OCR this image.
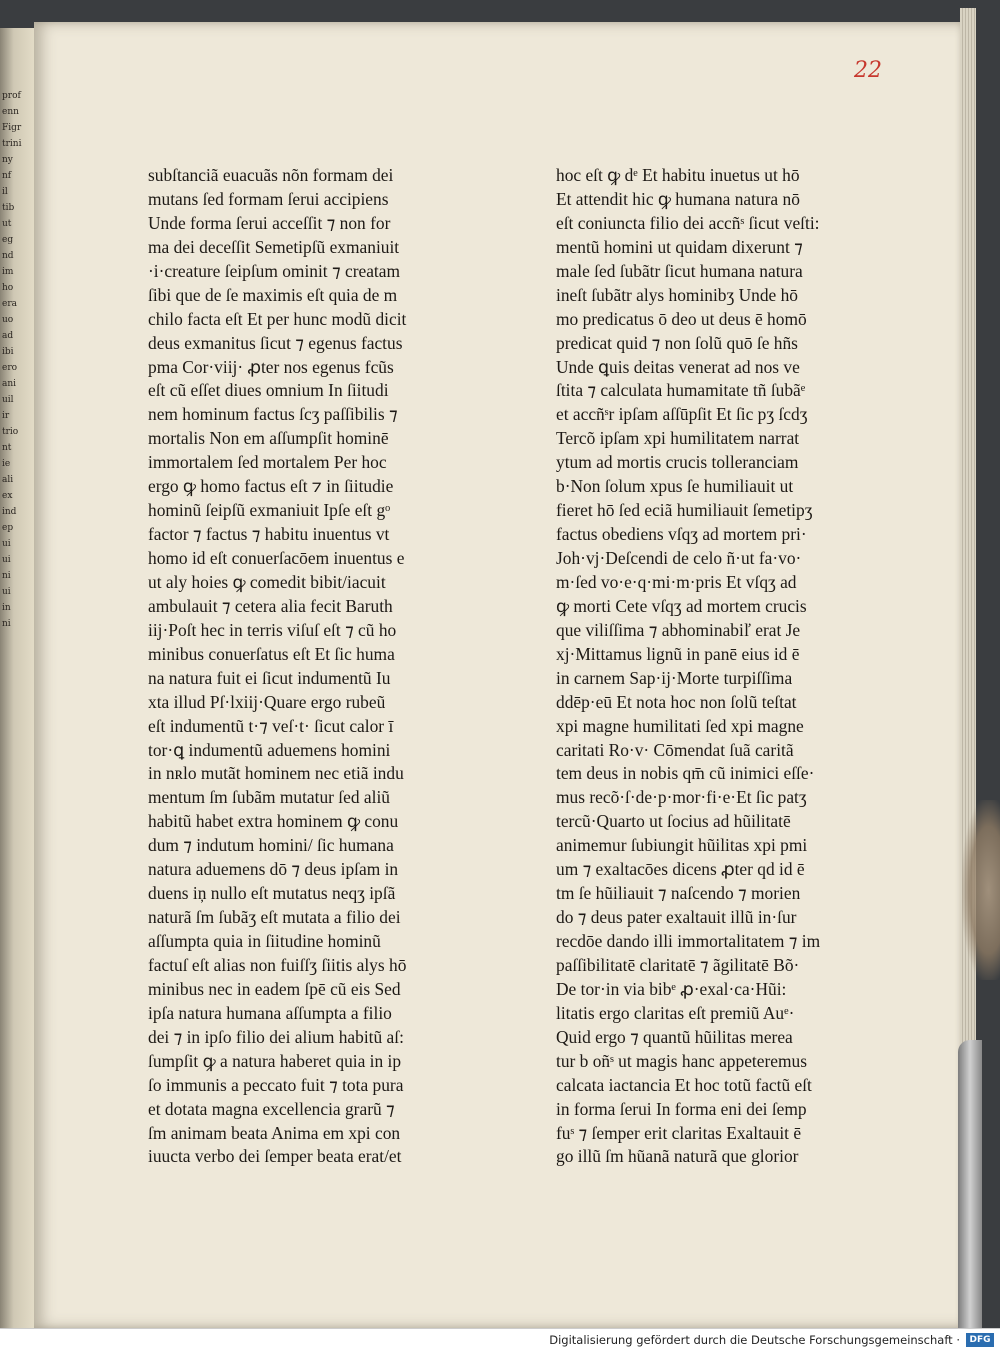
prof
enn
Figr
trini
ny
nf
il
tib
ut
eg
nd
im
ho
era
uo
ad
ibi
ero
ani
uil
ir
trio
nt
ie
ali
ex
ind
ep
ui
ui
ni
ui
in
ni
22
subſtanciã euacuãs nõn formam dei
mutans ſed formam ſerui accipiens
Unde forma ſerui acceſſit ⁊ non for
ma dei deceſſit Semetipſũ exmaniuit
·i·creature ſeipſum ominit ⁊ creatam
ſibi que de ſe maximis eſt quia de m
chilo facta eſt Et per hunc modũ dicit
deus exmanitus ſicut ⁊ egenus factus
pma Cor·viij· ꝓter nos egenus fcũs
eſt cũ eſſet diues omnium In ſiitudi
nem hominum factus ſcʒ paſſibilis ⁊
mortalis Non em aſſumpſit hominē
immortalem ſed mortalem Per hoc
ergo ꝙ homo factus eſt ⁊ in ſiitudie
hominũ ſeipſũ exmaniuit Ipſe eſt gᵒ
factor ⁊ factus ⁊ habitu inuentus vt
homo id eſt conuerſacōem inuentus e
ut aly hoies ꝙ comedit bibit/iacuit
ambulauit ⁊ cetera alia fecit Baruth
iij·Poſt hec in terris viſuſ eſt ⁊ cũ ho
minibus conuerſatus eſt Et ſic huma
na natura fuit ei ſicut indumentũ Iu
xta illud Pſ·lxiij·Quare ergo rubeũ
eſt indumentũ t·⁊ veſ·t· ſicut calor ī
tor·ꝗ indumentũ aduemens homini
in nʀlo mutãt hominem nec etiã indu
mentum ſm ſubãm mutatur ſed aliũ
habitũ habet extra hominem ꝙ conu
dum ⁊ indutum homini/ ſic humana
natura aduemens dō ⁊ deus ipſam in
duens iņ nullo eſt mutatus neqʒ ipſã
naturã ſm ſubãʒ eſt mutata a filio dei
aſſumpta quia in ſiitudine hominũ
factuſ eſt alias non fuiſſʒ ſiitis alys hō
minibus nec in eadem ſpē cũ eis Sed
ipſa natura humana aſſumpta a filio
dei ⁊ in ipſo filio dei alium habitũ aſ:
ſumpſit ꝙ a natura haberet quia in ip
ſo immunis a peccato fuit ⁊ tota pura
et dotata magna excellencia grarũ ⁊
ſm animam beata Anima em xpi con
iuucta verbo dei ſemper beata erat/et
hoc eſt ꝙ dᵉ Et habitu inuetus ut hō
Et attendit hic ꝙ humana natura nō
eſt coniuncta filio dei accñˢ ſicut veſti:
mentũ homini ut quidam dixerunt ⁊
male ſed ſubãtr ſicut humana natura
ineſt ſubãtr alys hominibʒ Unde hō
mo predicatus ō deo ut deus ē homō
predicat quid ⁊ non ſolũ quō ſe hñs
Unde ꝗuis deitas venerat ad nos ve
ſtita ⁊ calculata humamitate tñ ſubãᵉ
et accñˢr ipſam aſſūpſit Et ſic pʒ ſcdʒ
Tercõ ipſam xpi humilitatem narrat
ytum ad mortis crucis tolleranciam
b·Non ſolum xpus ſe humiliauit ut
fieret hō ſed eciã humiliauit ſemetipʒ
factus obediens vſqʒ ad mortem pri·
Joh·vj·Deſcendi de celo ñ·ut fa·vo·
m·ſed vo·e·q·mi·m·pris Et vſqʒ ad
ꝙ morti Cete vſqʒ ad mortem crucis
que viliſſima ⁊ abhominabiľ erat Je
xj·Mittamus lignũ in panē eius id ē
in carnem Sap·ij·Morte turpiſſima
ddēp·eū Et nota hoc non ſolũ teſtat
xpi magne humilitati ſed xpi magne
caritati Ro·v· Cōmendat ſuã caritã
tem deus in nobis qm̄ cũ inimici eſſe·
mus recõ·ſ·de·p·mor·fi·e·Et ſic patʒ
tercũ·Quarto ut ſocius ad hũilitatē
animemur ſubiungit hũilitas xpi pmi
um ⁊ exaltacōes dicens ꝓter qd id ē
tm ſe hũiliauit ⁊ naſcendo ⁊ morien
do ⁊ deus pater exaltauit illũ in·ſur
recdōe dando illi immortalitatem ⁊ im
paſſibilitatē claritatē ⁊ ãgilitatē Bõ·
De tor·in via bibᵉ ꝓ·exal·ca·Hũi:
litatis ergo claritas eſt premiũ Auᵉ·
Quid ergo ⁊ quantũ hũilitas merea
tur b oñˢ ut magis hanc appeteremus
calcata iactancia Et hoc totũ factũ eſt
in forma ſerui In forma eni dei ſemp
fuˢ ⁊ ſemper erit claritas Exaltauit ē
go illũ ſm hũanã naturã que glorior
Digitalisierung gefördert durch die Deutsche Forschungsgemeinschaft ·	DFG
